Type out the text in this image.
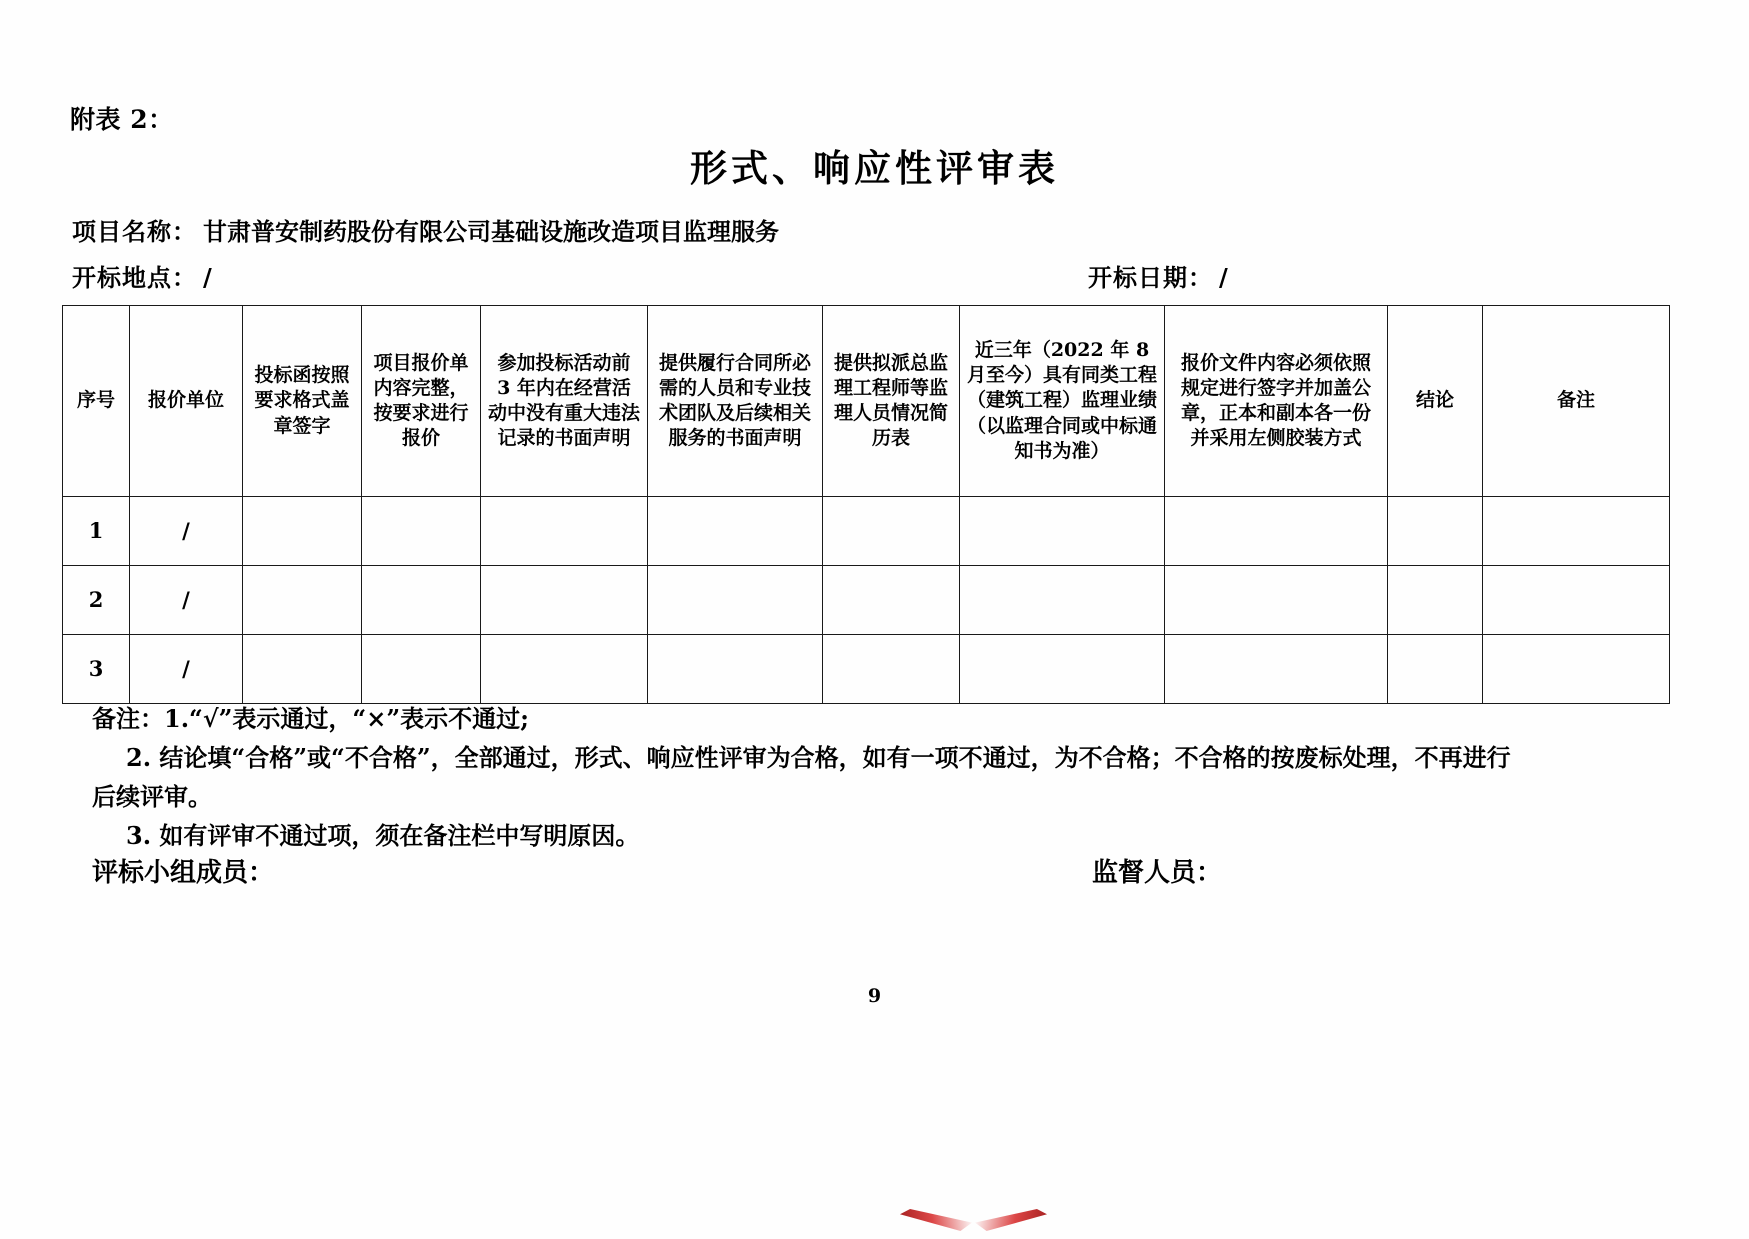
附表 2：
形式、响应性评审表
项目名称： 甘肃普安制药股份有限公司基础设施改造项目监理服务
开标地点： /	开标日期： /
序号	报价单位	投标函按照要求格式盖章签字	项目报价单内容完整，按要求进行报价	参加投标活动前 3 年内在经营活动中没有重大违法记录的书面声明	提供履行合同所必需的人员和专业技术团队及后续相关服务的书面声明	提供拟派总监理工程师等监理人员情况简历表	近三年（2022 年 8 月至今）具有同类工程（建筑工程）监理业绩（以监理合同或中标通知书为准）	报价文件内容必须依照规定进行签字并加盖公章，正本和副本各一份并采用左侧胶装方式	结论	备注
1	/									
2	/									
3	/									
备注：1.“√”表示通过，“×”表示不通过;
2. 结论填“合格”或“不合格”，全部通过，形式、响应性评审为合格，如有一项不通过，为不合格；不合格的按废标处理，不再进行后续评审。
3. 如有评审不通过项，须在备注栏中写明原因。
评标小组成员：	监督人员：
9
